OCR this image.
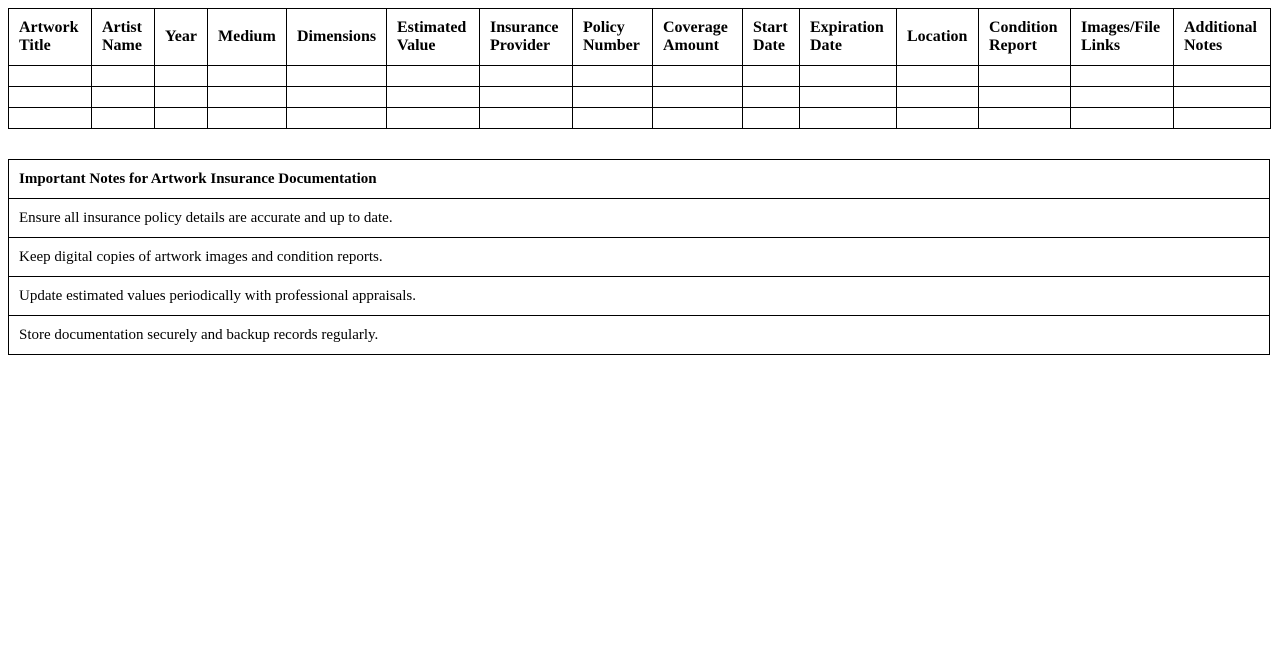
Artwork Title	Artist Name	Year	Medium	Dimensions	Estimated Value	Insurance Provider	Policy Number	Coverage Amount	Start Date	Expiration Date	Location	Condition Report	Images/File Links	Additional Notes

Important Notes for Artwork Insurance Documentation
Ensure all insurance policy details are accurate and up to date.
Keep digital copies of artwork images and condition reports.
Update estimated values periodically with professional appraisals.
Store documentation securely and backup records regularly.
